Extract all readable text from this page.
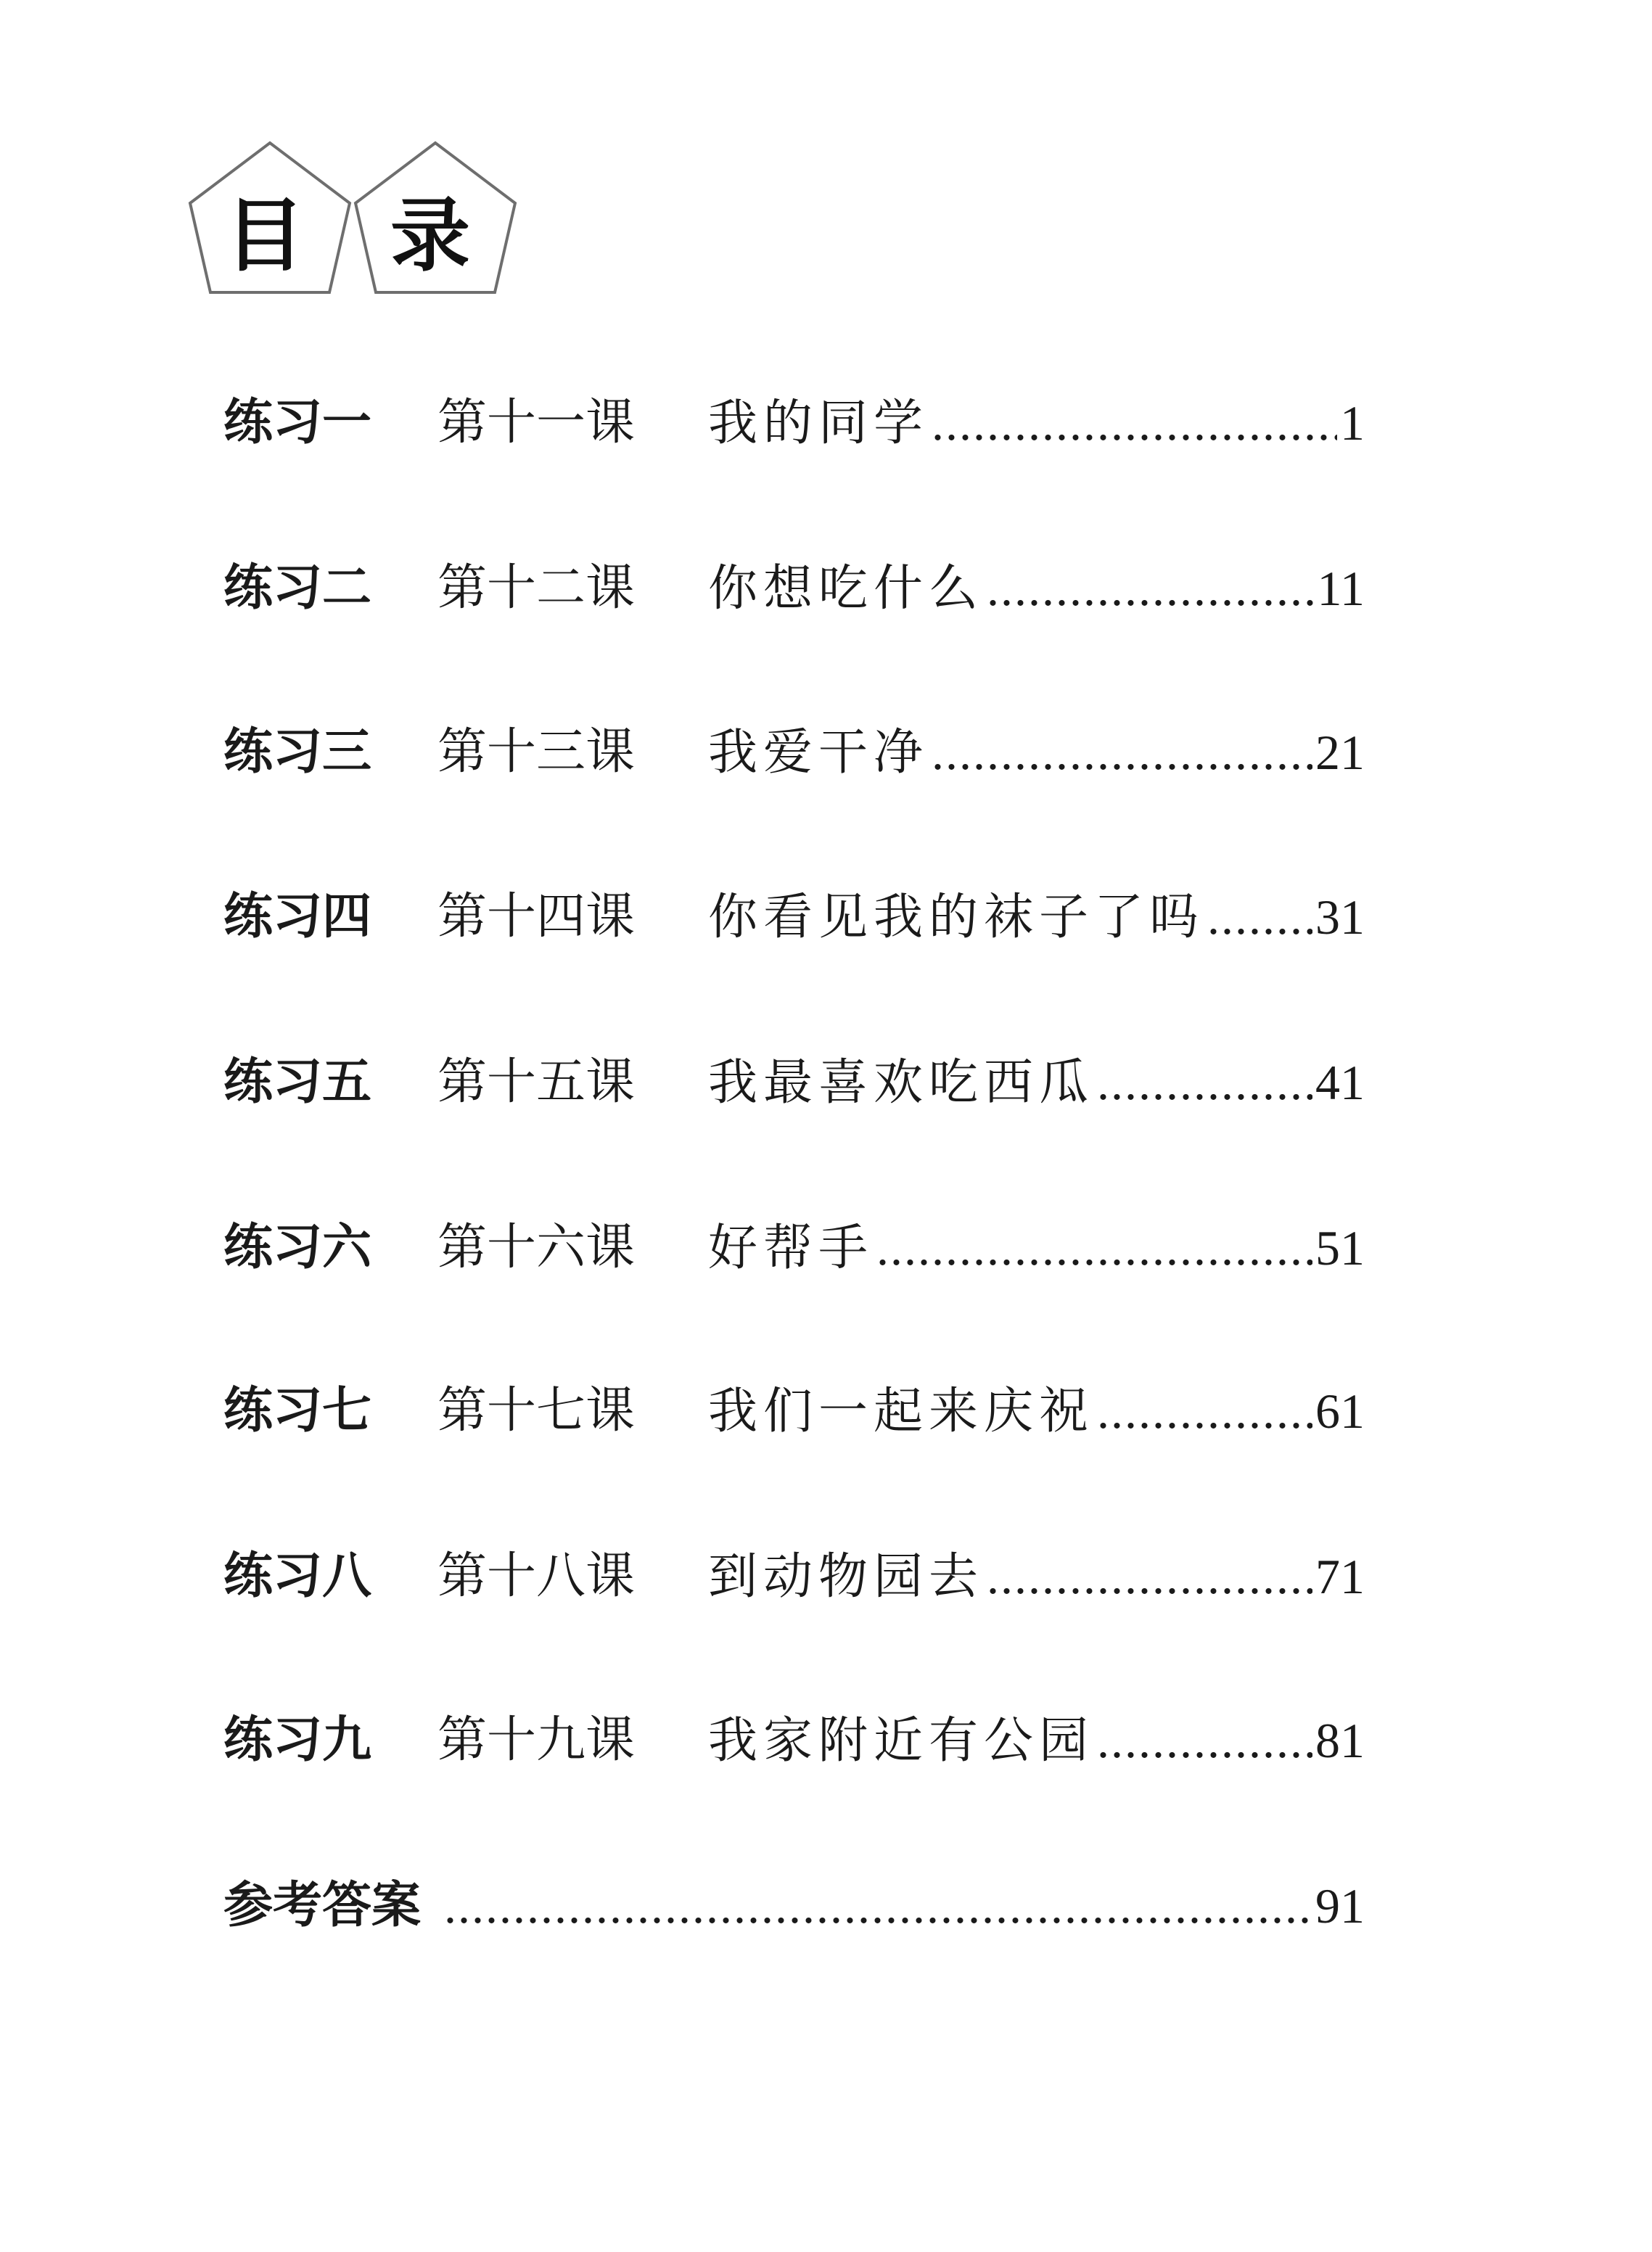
目	录
练习一 第十一课 我的同学 .....	1
练习二 第十二课 你想吃什么 .....	11
练习三 第十三课 我爱干净 .....	21
练习四 第十四课 你看见我的袜子了吗 ..... 31
练习五 第十五课 我最喜欢吃西瓜 .....	41
练习六 第十六课 好帮手 .....	51
练习七 第十七课 我们一起来庆祝 .....	61
练习八 第十八课 到动物园去 .....	71
练习九 第十九课 我家附近有公园 .....	81
参考答案 .....	91
